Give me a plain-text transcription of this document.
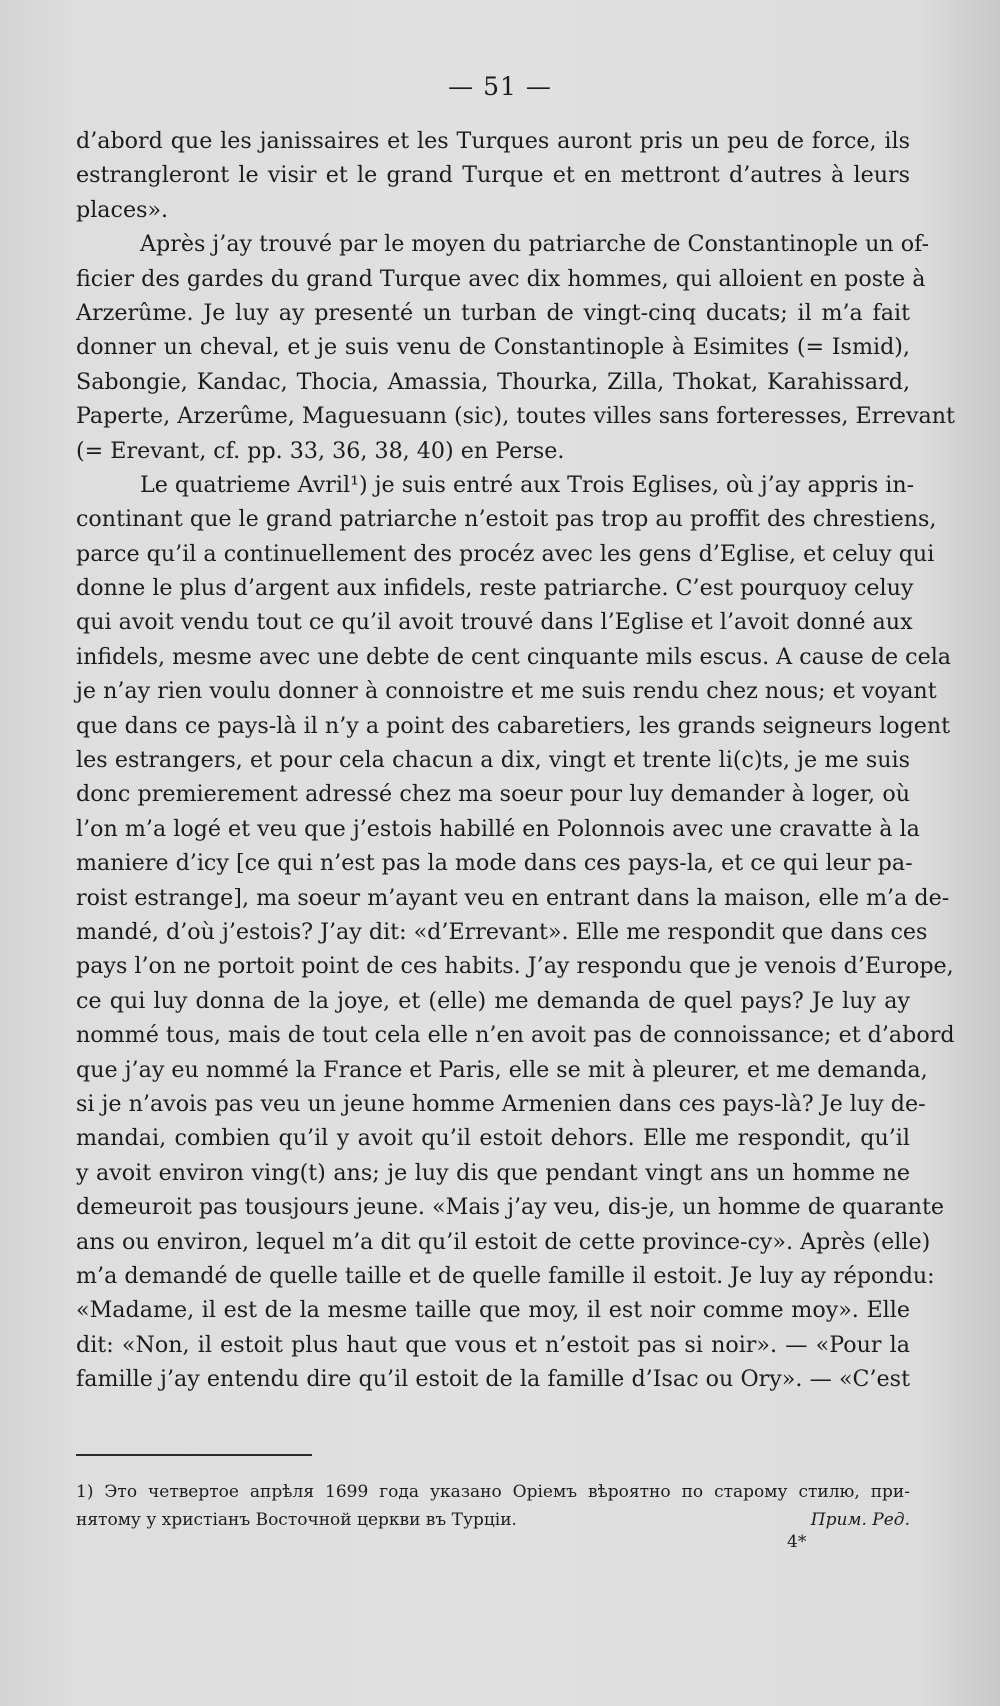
— 51 —
d’abord que les janissaires et les Turques auront pris un peu de force, ils
estrangleront le visir et le grand Turque et en mettront d’autres à leurs
places».
Après j’ay trouvé par le moyen du patriarche de Constantinople un of-
ficier des gardes du grand Turque avec dix hommes, qui alloient en poste à
Arzerûme. Je luy ay presenté un turban de vingt-cinq ducats; il m’a fait
donner un cheval, et je suis venu de Constantinople à Esimites (= Ismid),
Sabongie, Kandac, Thocia, Amassia, Thourka, Zilla, Thokat, Karahissard,
Paperte, Arzerûme, Maguesuann (sic), toutes villes sans forteresses, Errevant
(= Erevant, cf. pp. 33, 36, 38, 40) en Perse.
Le quatrieme Avril¹) je suis entré aux Trois Eglises, où j’ay appris in-
continant que le grand patriarche n’estoit pas trop au proffit des chrestiens,
parce qu’il a continuellement des procéz avec les gens d’Eglise, et celuy qui
donne le plus d’argent aux infidels, reste patriarche. C’est pourquoy celuy
qui avoit vendu tout ce qu’il avoit trouvé dans l’Eglise et l’avoit donné aux
infidels, mesme avec une debte de cent cinquante mils escus. A cause de cela
je n’ay rien voulu donner à connoistre et me suis rendu chez nous; et voyant
que dans ce pays-là il n’y a point des cabaretiers, les grands seigneurs logent
les estrangers, et pour cela chacun a dix, vingt et trente li(c)ts, je me suis
donc premierement adressé chez ma soeur pour luy demander à loger, où
l’on m’a logé et veu que j’estois habillé en Polonnois avec une cravatte à la
maniere d’icy [ce qui n’est pas la mode dans ces pays-la, et ce qui leur pa-
roist estrange], ma soeur m’ayant veu en entrant dans la maison, elle m’a de-
mandé, d’où j’estois? J’ay dit: «d’Errevant». Elle me respondit que dans ces
pays l’on ne portoit point de ces habits. J’ay respondu que je venois d’Europe,
ce qui luy donna de la joye, et (elle) me demanda de quel pays? Je luy ay
nommé tous, mais de tout cela elle n’en avoit pas de connoissance; et d’abord
que j’ay eu nommé la France et Paris, elle se mit à pleurer, et me demanda,
si je n’avois pas veu un jeune homme Armenien dans ces pays-là? Je luy de-
mandai, combien qu’il y avoit qu’il estoit dehors. Elle me respondit, qu’il
y avoit environ ving(t) ans; je luy dis que pendant vingt ans un homme ne
demeuroit pas tousjours jeune. «Mais j’ay veu, dis-je, un homme de quarante
ans ou environ, lequel m’a dit qu’il estoit de cette province-cy». Après (elle)
m’a demandé de quelle taille et de quelle famille il estoit. Je luy ay répondu:
«Madame, il est de la mesme taille que moy, il est noir comme moy». Elle
dit: «Non, il estoit plus haut que vous et n’estoit pas si noir». — «Pour la
famille j’ay entendu dire qu’il estoit de la famille d’Isac ou Ory». — «C’est
1) Это четвертое апрѣля 1699 года указано Оріемъ вѣроятно по старому стилю, при-
нятому у христіанъ Восточной церкви въ Турціи.	Прим. Ред.
4*
